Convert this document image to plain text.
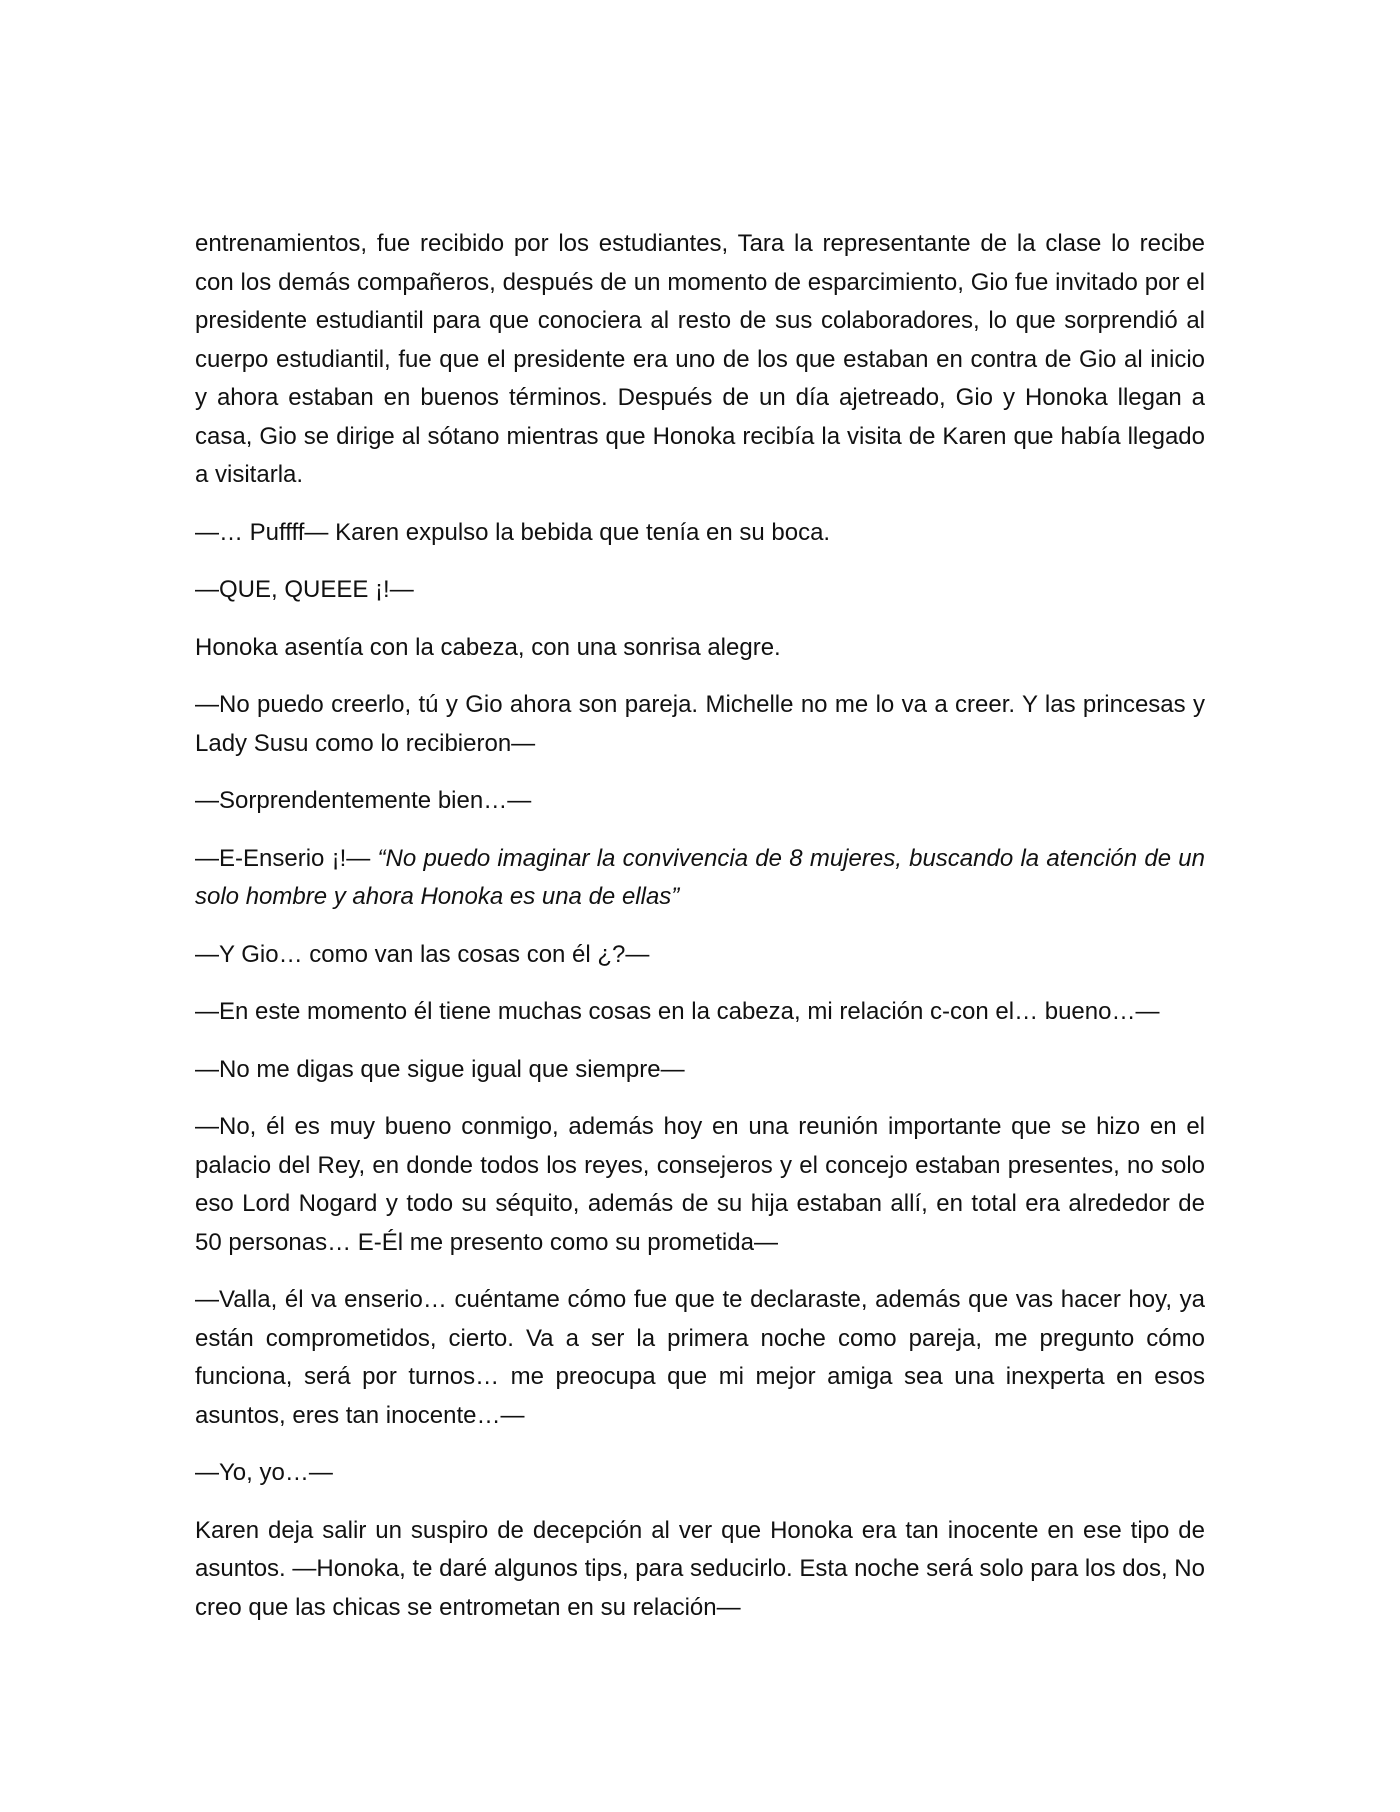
entrenamientos, fue recibido por los estudiantes, Tara la representante de la clase lo recibe con los demás compañeros, después de un momento de esparcimiento, Gio fue invitado por el presidente estudiantil para que conociera al resto de sus colaboradores, lo que sorprendió al cuerpo estudiantil, fue que el presidente era uno de los que estaban en contra de Gio al inicio y ahora estaban en buenos términos. Después de un día ajetreado, Gio y Honoka llegan a casa, Gio se dirige al sótano mientras que Honoka recibía la visita de Karen que había llegado a visitarla.

—… Puffff— Karen expulso la bebida que tenía en su boca.

—QUE, QUEEE ¡!—

Honoka asentía con la cabeza, con una sonrisa alegre.

—No puedo creerlo, tú y Gio ahora son pareja. Michelle no me lo va a creer. Y las princesas y Lady Susu como lo recibieron—

—Sorprendentemente bien…—

—E-Enserio ¡!— “No puedo imaginar la convivencia de 8 mujeres, buscando la atención de un solo hombre y ahora Honoka es una de ellas”

—Y Gio… como van las cosas con él ¿?—

—En este momento él tiene muchas cosas en la cabeza, mi relación c-con el… bueno…—

—No me digas que sigue igual que siempre—

—No, él es muy bueno conmigo, además hoy en una reunión importante que se hizo en el palacio del Rey, en donde todos los reyes, consejeros y el concejo estaban presentes, no solo eso Lord Nogard y todo su séquito, además de su hija estaban allí, en total era alrededor de 50 personas… E-Él me presento como su prometida—

—Valla, él va enserio… cuéntame cómo fue que te declaraste, además que vas hacer hoy, ya están comprometidos, cierto. Va a ser la primera noche como pareja, me pregunto cómo funciona, será por turnos… me preocupa que mi mejor amiga sea una inexperta en esos asuntos, eres tan inocente…—

—Yo, yo…—

Karen deja salir un suspiro de decepción al ver que Honoka era tan inocente en ese tipo de asuntos. —Honoka, te daré algunos tips, para seducirlo. Esta noche será solo para los dos, No creo que las chicas se entrometan en su relación—
